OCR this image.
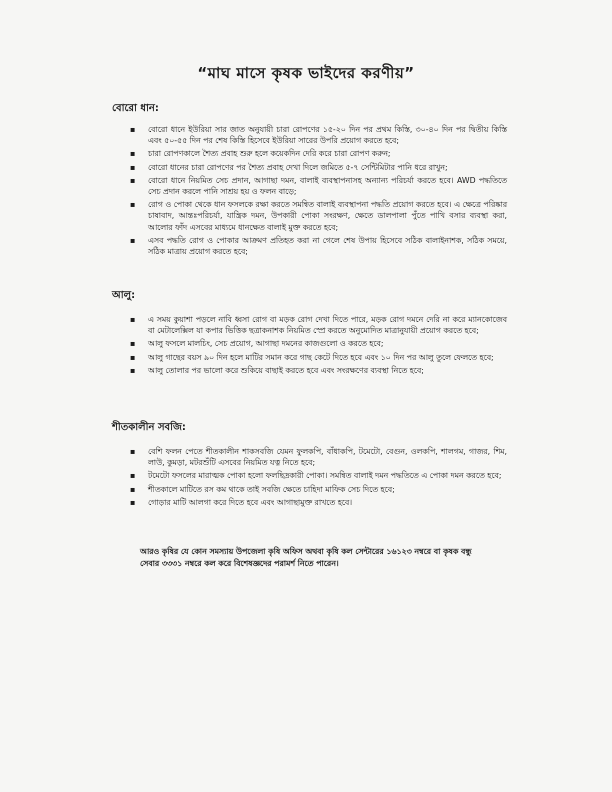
“মাঘ মাসে কৃষক ভাইদের করণীয়”
বোরো ধান:
▪ বোরো ধানে ইউরিয়া সার জাত অনুযায়ী চারা রোপণের ১৫-২০ দিন পর প্রথম কিস্তি, ৩০-৪০ দিন পর দ্বিতীয় কিস্তি এবং ৫০-৫৫ দিন পর শেষ কিস্তি হিসেবে ইউরিয়া সারের উপরি প্রয়োগ করতে হবে;
▪ চারা রোপণকালে শৈত্য প্রবাহ শুরু হলে কয়েকদিন দেরি করে চারা রোপণ করুন;
▪ বোরো ধানের চারা রোপণের পর শৈত্য প্রবাহ দেখা দিলে জমিতে ৫-৭ সেন্টিমিটার পানি ধরে রাখুন;
▪ বোরো ধানে নিয়মিত সেচ প্রদান, আগাছা দমন, বালাই ব্যবস্থাপনাসহ অন্যান্য পরিচর্যা করতে হবে। AWD পদ্ধতিতে সেচ প্রদান করলে পানি সাশ্রয় হয় ও ফলন বাড়ে;
▪ রোগ ও পোকা থেকে ধান ফসলকে রক্ষা করতে সমন্বিত বালাই ব্যবস্থাপনা পদ্ধতি প্রয়োগ করতে হবে। এ ক্ষেত্রে পরিষ্কার চাষাবাদ, আন্তঃপরিচর্যা, যান্ত্রিক দমন, উপকারী পোকা সংরক্ষণ, ক্ষেতে ডালপালা পুঁতে পাখি বসার ব্যবস্থা করা, আলোর ফাঁদ এসবের মাধ্যমে ধানক্ষেত বালাই মুক্ত করতে হবে;
▪ এসব পদ্ধতি রোগ ও পোকার আক্রমণ প্রতিহত করা না গেলে শেষ উপায় হিসেবে সঠিক বালাইনাশক, সঠিক সময়ে, সঠিক মাত্রায় প্রয়োগ করতে হবে;
আলু:
▪ এ সময় কুয়াশা পড়লে নাবি ধ্বসা রোগ বা মড়ক রোগ দেখা দিতে পারে, মড়ক রোগ দমনে দেরি না করে ম্যানকোজেব বা মেটালেক্সিল যা কপার ভিত্তিক ছত্রাকনাশক নিয়মিত স্প্রে করতে অনুমোদিত মাত্রানুযায়ী প্রয়োগ করতে হবে;
▪ আলু ফসলে মালচিং, সেচ প্রয়োগ, আগাছা দমনের কাজগুলো ও করতে হবে;
▪ আলু গাছের বয়স ৯০ দিন হলে মাটির সমান করে গাছ কেটে দিতে হবে এবং ১০ দিন পর আলু তুলে ফেলতে হবে;
▪ আলু তোলার পর ভালো করে শুকিয়ে বাছাই করতে হবে এবং সংরক্ষণের ব্যবস্থা নিতে হবে;
শীতকালীন সবজি:
▪ বেশি ফলন পেতে শীতকালীন শাকসবজি যেমন ফুলকপি, বাঁধাকপি, টমেটো, বেগুন, ওলকপি, শালগম, গাজর, শিম, লাউ, কুমড়া, মটরশুঁটি এসবের নিয়মিত যত্ন নিতে হবে;
▪ টমেটো ফসলের মারাত্মক পোকা হলো ফলছিদ্রকারী পোকা। সমন্বিত বালাই দমন পদ্ধতিতে এ পোকা দমন করতে হবে;
▪ শীতকালে মাটিতে রস কম থাকে তাই সবজি ক্ষেতে চাহিদা মাফিক সেচ দিতে হবে;
▪ গোড়ার মাটি আলগা করে দিতে হবে এবং আগাছামুক্ত রাখতে হবে।
আরও কৃষির যে কোন সমস্যায় উপজেলা কৃষি অফিস অথবা কৃষি কল সেন্টারের ১৬১২৩ নম্বরে বা কৃষক বন্ধু সেবার ৩৩৩১ নম্বরে কল করে বিশেষজ্ঞদের পরামর্শ নিতে পারেন।
